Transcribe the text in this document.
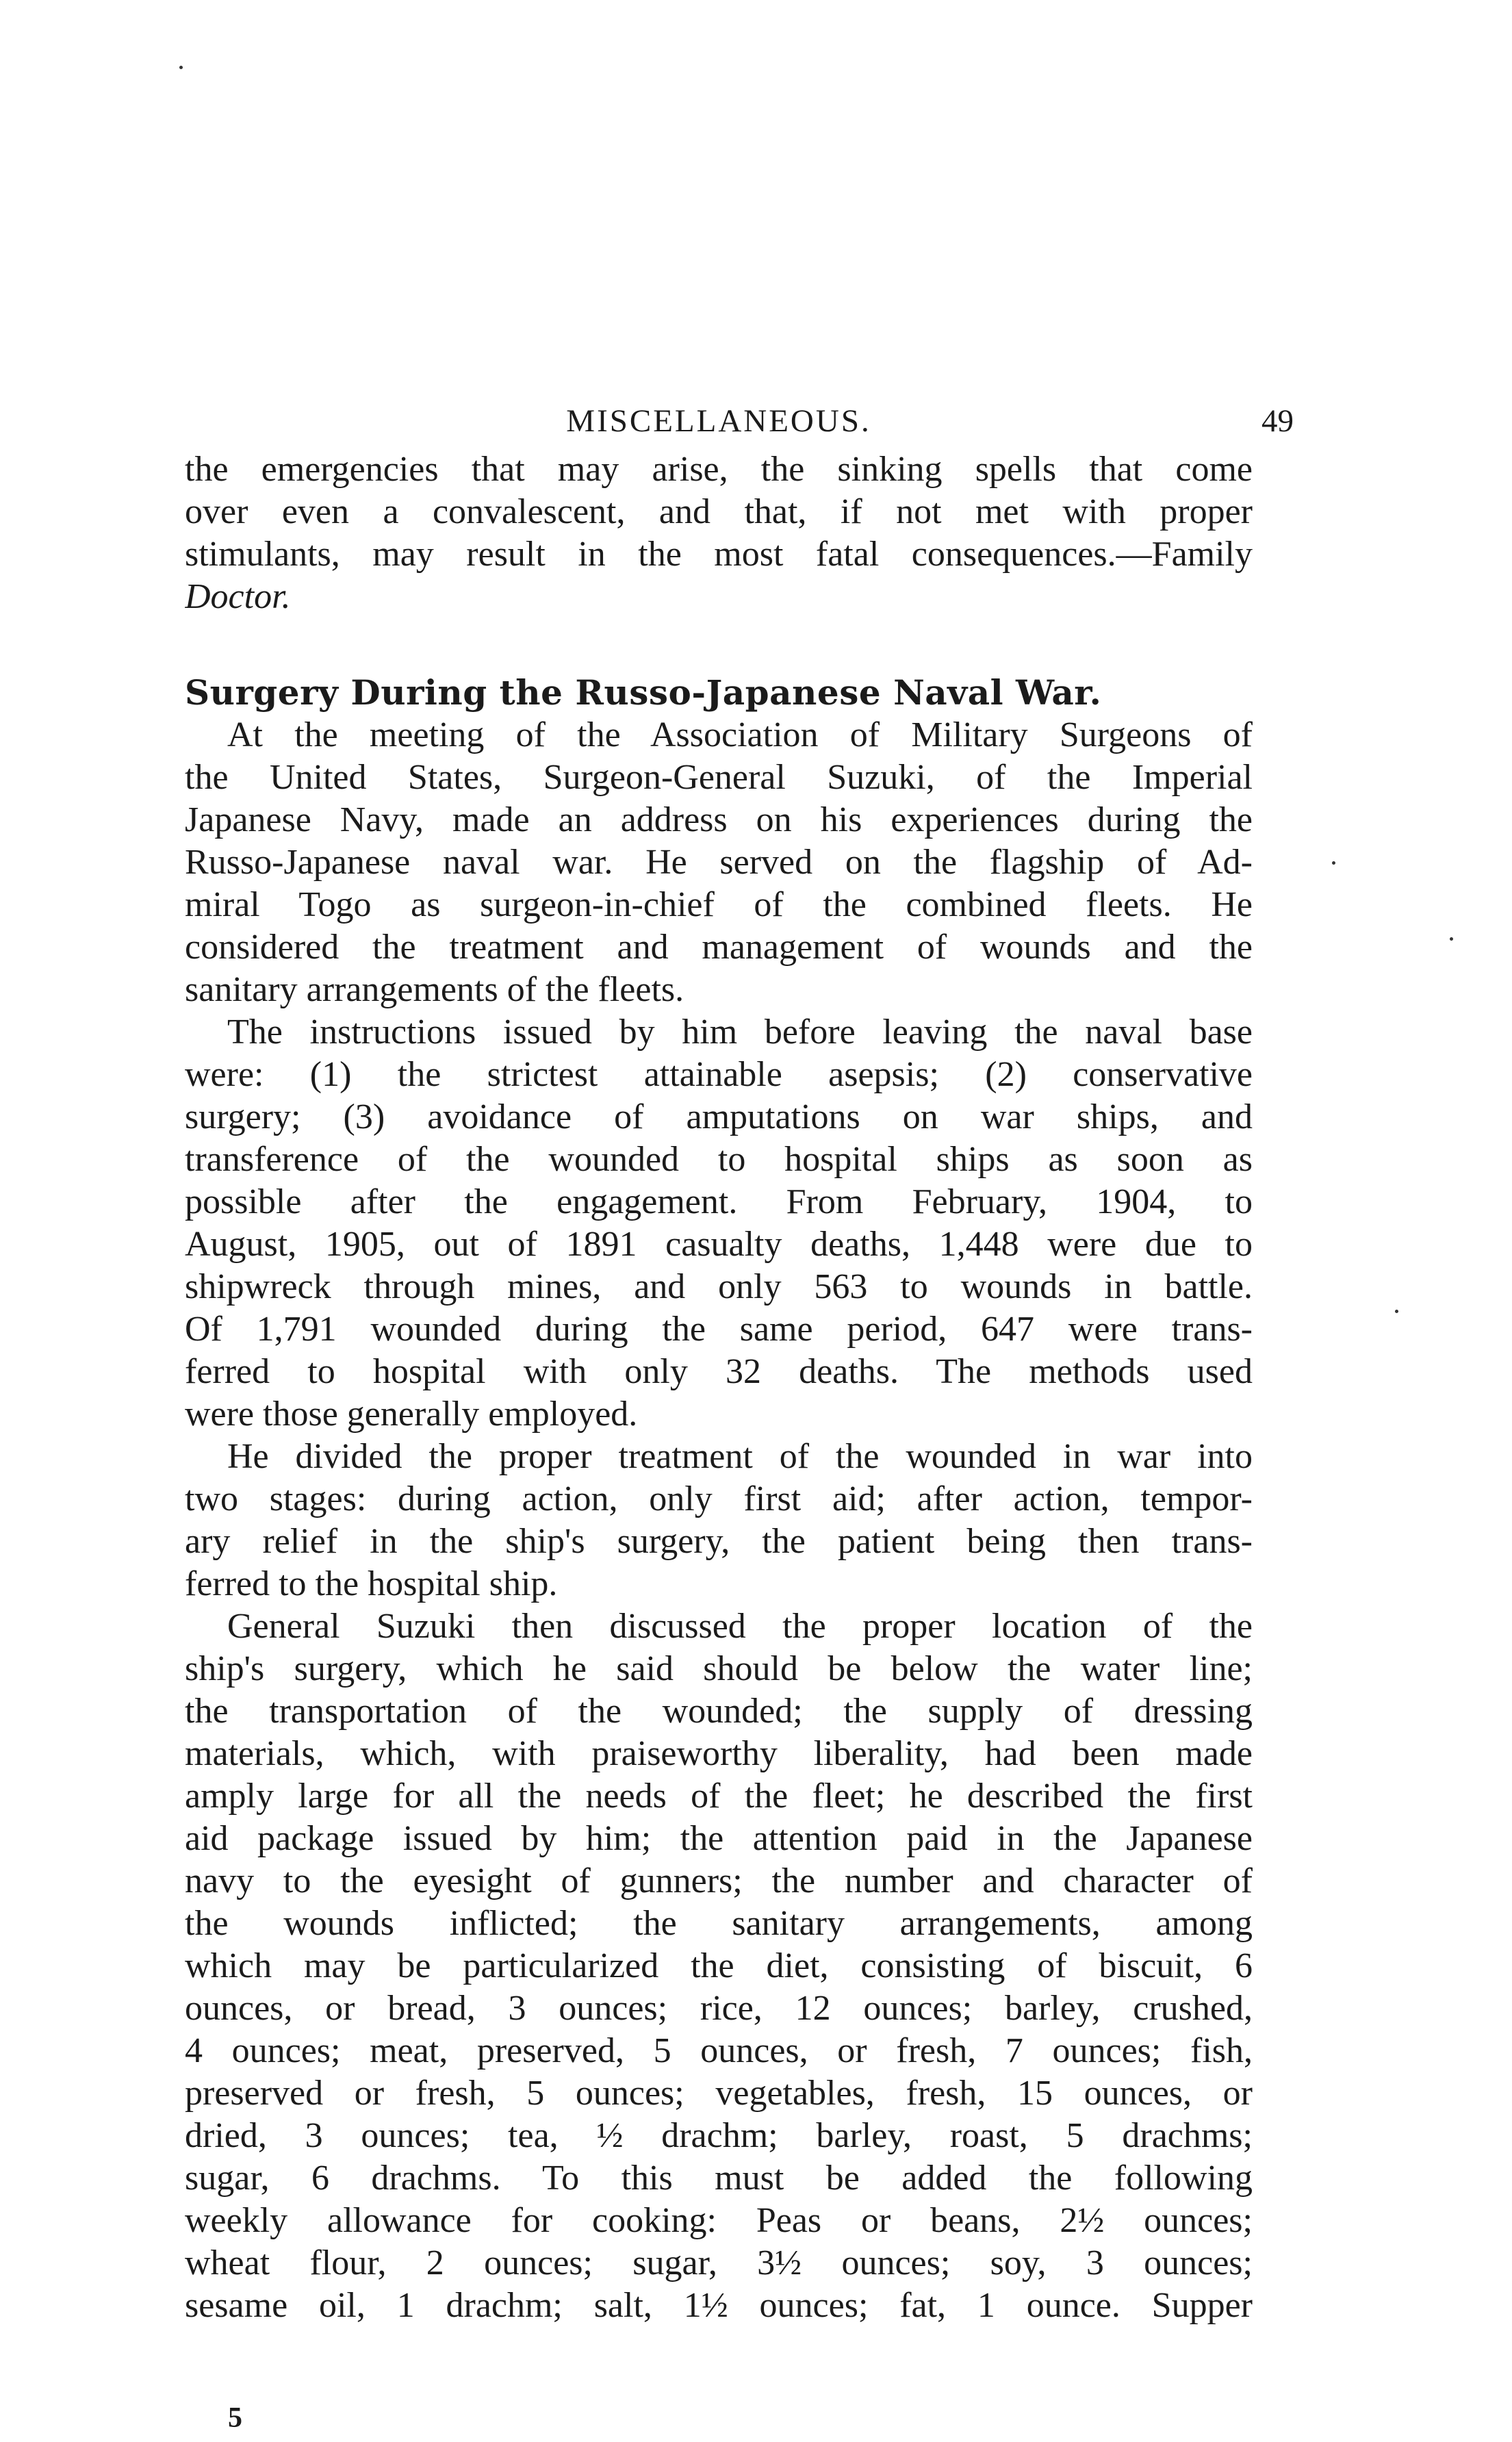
MISCELLANEOUS.	49
the emergencies that may arise, the sinking spells that come
over even a convalescent, and that, if not met with proper
stimulants, may result in the most fatal consequences.—Family
Doctor.
Surgery During the Russo-Japanese Naval War.
At the meeting of the Association of Military Surgeons of
the United States, Surgeon-General Suzuki, of the Imperial
Japanese Navy, made an address on his experiences during the
Russo-Japanese naval war. He served on the flagship of Ad-
miral Togo as surgeon-in-chief of the combined fleets. He
considered the treatment and management of wounds and the
sanitary arrangements of the fleets.
The instructions issued by him before leaving the naval base
were: (1) the strictest attainable asepsis; (2) conservative
surgery; (3) avoidance of amputations on war ships, and
transference of the wounded to hospital ships as soon as
possible after the engagement. From February, 1904, to
August, 1905, out of 1891 casualty deaths, 1,448 were due to
shipwreck through mines, and only 563 to wounds in battle.
Of 1,791 wounded during the same period, 647 were trans-
ferred to hospital with only 32 deaths. The methods used
were those generally employed.
He divided the proper treatment of the wounded in war into
two stages: during action, only first aid; after action, tempor-
ary relief in the ship's surgery, the patient being then trans-
ferred to the hospital ship.
General Suzuki then discussed the proper location of the
ship's surgery, which he said should be below the water line;
the transportation of the wounded; the supply of dressing
materials, which, with praiseworthy liberality, had been made
amply large for all the needs of the fleet; he described the first
aid package issued by him; the attention paid in the Japanese
navy to the eyesight of gunners; the number and character of
the wounds inflicted; the sanitary arrangements, among
which may be particularized the diet, consisting of biscuit, 6
ounces, or bread, 3 ounces; rice, 12 ounces; barley, crushed,
4 ounces; meat, preserved, 5 ounces, or fresh, 7 ounces; fish,
preserved or fresh, 5 ounces; vegetables, fresh, 15 ounces, or
dried, 3 ounces; tea, ½ drachm; barley, roast, 5 drachms;
sugar, 6 drachms. To this must be added the following
weekly allowance for cooking: Peas or beans, 2½ ounces;
wheat flour, 2 ounces; sugar, 3½ ounces; soy, 3 ounces;
sesame oil, 1 drachm; salt, 1½ ounces; fat, 1 ounce. Supper
5
